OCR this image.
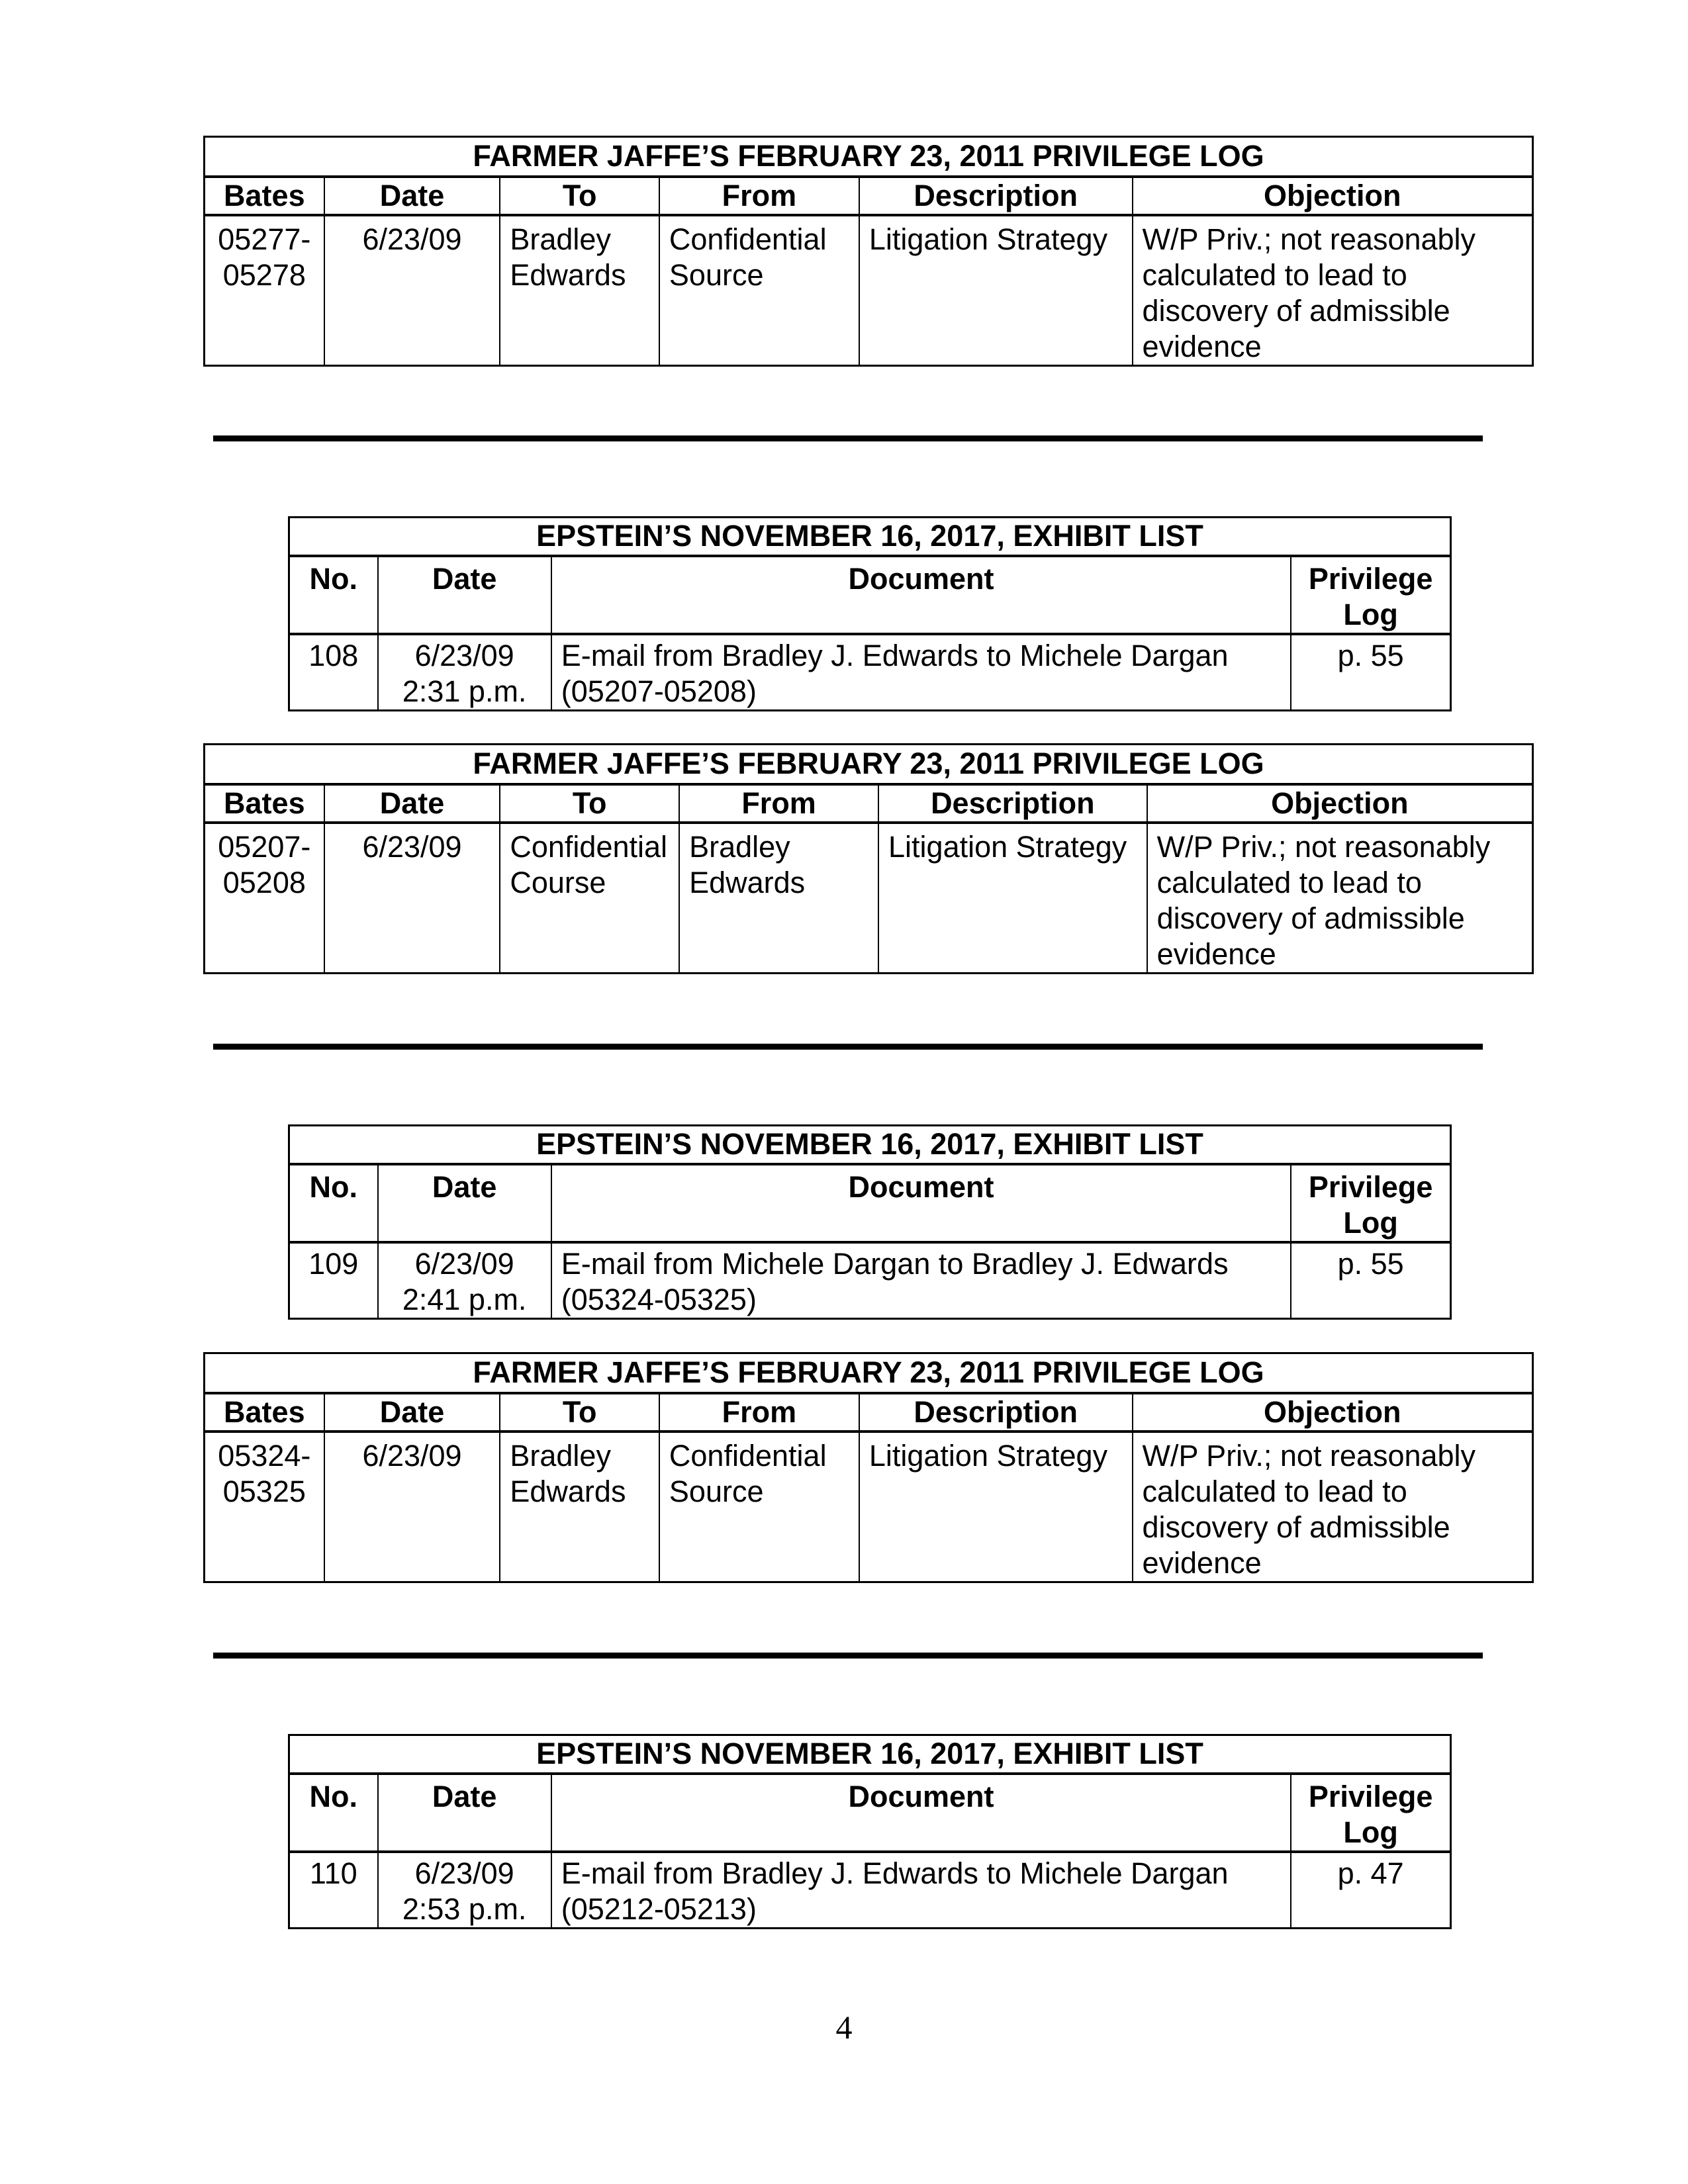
FARMER JAFFE’S FEBRUARY 23, 2011 PRIVILEGE LOG					
Bates	Date	To	From	Description	Objection
05277-05278	6/23/09	Bradley Edwards	Confidential Source	Litigation Strategy	W/P Priv.; not reasonably calculated to lead to discovery of admissible evidence
EPSTEIN’S NOVEMBER 16, 2017, EXHIBIT LIST			
No.	Date	Document	Privilege Log
108	6/23/09 2:31 p.m.	E-mail from Bradley J. Edwards to Michele Dargan (05207-05208)	p. 55
FARMER JAFFE’S FEBRUARY 23, 2011 PRIVILEGE LOG					
Bates	Date	To	From	Description	Objection
05207-05208	6/23/09	Confidential Course	Bradley Edwards	Litigation Strategy	W/P Priv.; not reasonably calculated to lead to discovery of admissible evidence
EPSTEIN’S NOVEMBER 16, 2017, EXHIBIT LIST			
No.	Date	Document	Privilege Log
109	6/23/09 2:41 p.m.	E-mail from Michele Dargan to Bradley J. Edwards (05324-05325)	p. 55
FARMER JAFFE’S FEBRUARY 23, 2011 PRIVILEGE LOG					
Bates	Date	To	From	Description	Objection
05324-05325	6/23/09	Bradley Edwards	Confidential Source	Litigation Strategy	W/P Priv.; not reasonably calculated to lead to discovery of admissible evidence
EPSTEIN’S NOVEMBER 16, 2017, EXHIBIT LIST			
No.	Date	Document	Privilege Log
110	6/23/09 2:53 p.m.	E-mail from Bradley J. Edwards to Michele Dargan (05212-05213)	p. 47
4
